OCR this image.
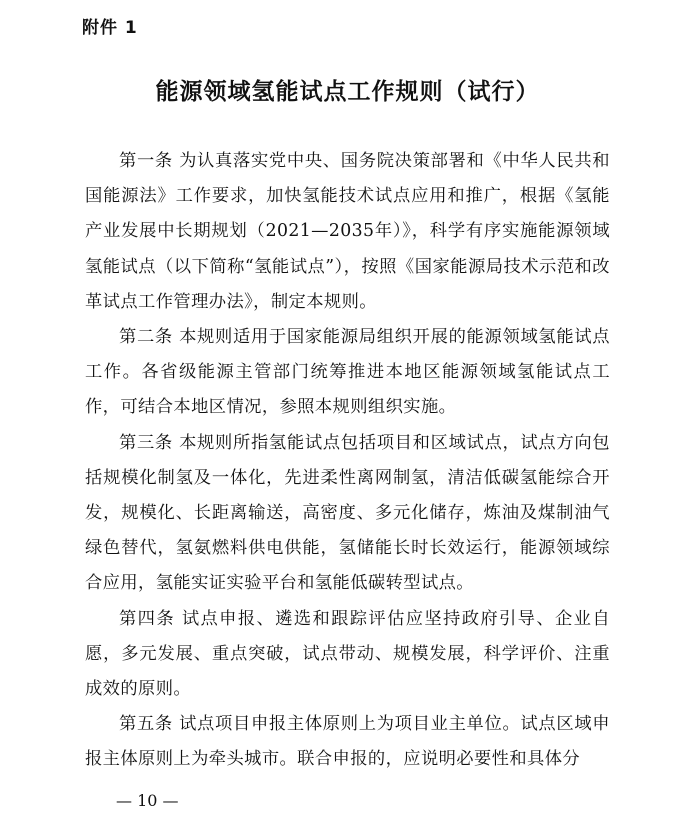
附件 1
能源领域氢能试点工作规则（试行）

第一条 为认真落实党中央、国务院决策部署和《中华人民共和国能源法》工作要求，加快氢能技术试点应用和推广，根据《氢能产业发展中长期规划（2021—2035年）》，科学有序实施能源领域氢能试点（以下简称“氢能试点”），按照《国家能源局技术示范和改革试点工作管理办法》，制定本规则。

第二条 本规则适用于国家能源局组织开展的能源领域氢能试点工作。各省级能源主管部门统筹推进本地区能源领域氢能试点工作，可结合本地区情况，参照本规则组织实施。

第三条 本规则所指氢能试点包括项目和区域试点，试点方向包括规模化制氢及一体化，先进柔性离网制氢，清洁低碳氢能综合开发，规模化、长距离输送，高密度、多元化储存，炼油及煤制油气绿色替代，氢氨燃料供电供能，氢储能长时长效运行，能源领域综合应用，氢能实证实验平台和氢能低碳转型试点。

第四条 试点申报、遴选和跟踪评估应坚持政府引导、企业自愿，多元发展、重点突破，试点带动、规模发展，科学评价、注重成效的原则。

第五条 试点项目申报主体原则上为项目业主单位。试点区域申报主体原则上为牵头城市。联合申报的，应说明必要性和具体分

— 10 —
